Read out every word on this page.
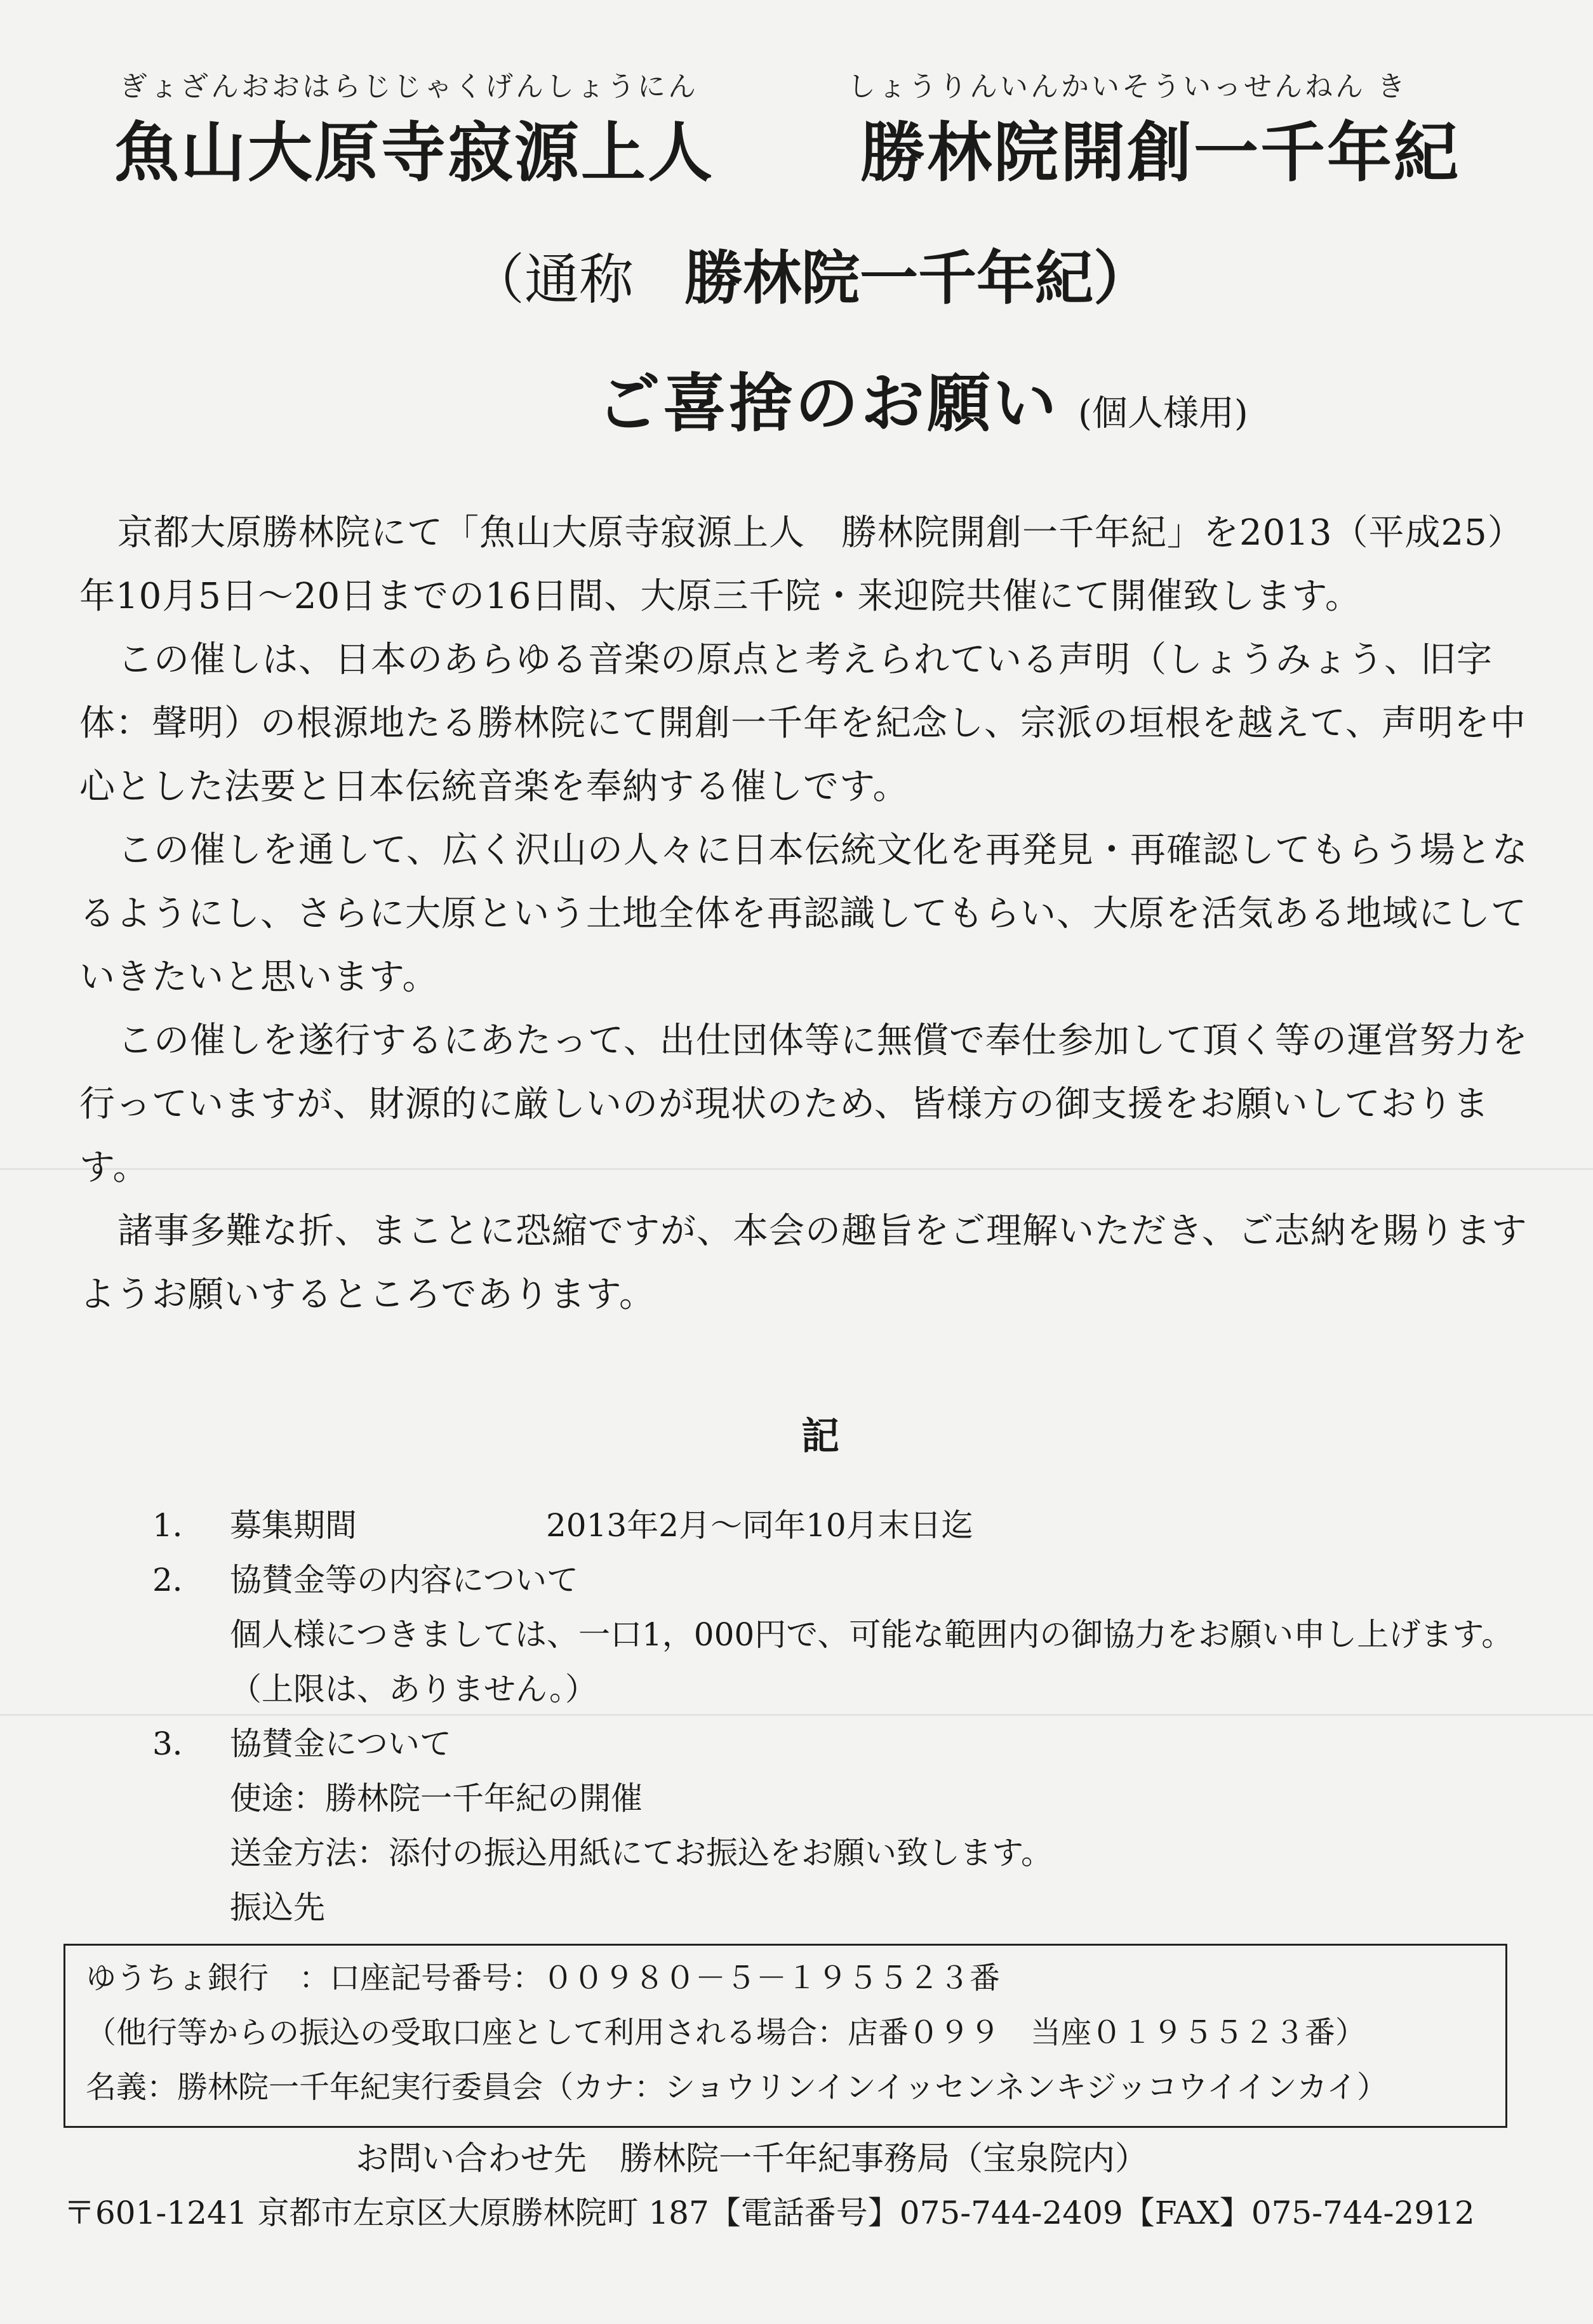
ぎょざんおおはらじじゃくげんしょうにん	しょうりんいんかいそういっせんねん き
魚山大原寺寂源上人 勝林院開創一千年紀
（通称 勝林院一千年紀）
ご喜捨のお願い (個人様用)

京都大原勝林院にて「魚山大原寺寂源上人　勝林院開創一千年紀」を2013（平成25）年10月5日～20日までの16日間、大原三千院・来迎院共催にて開催致します。

この催しは、日本のあらゆる音楽の原点と考えられている声明（しょうみょう、旧字体：聲明）の根源地たる勝林院にて開創一千年を紀念し、宗派の垣根を越えて、声明を中心とした法要と日本伝統音楽を奉納する催しです。

この催しを通して、広く沢山の人々に日本伝統文化を再発見・再確認してもらう場となるようにし、さらに大原という土地全体を再認識してもらい、大原を活気ある地域にしていきたいと思います。

この催しを遂行するにあたって、出仕団体等に無償で奉仕参加して頂く等の運営努力を行っていますが、財源的に厳しいのが現状のため、皆様方の御支援をお願いしております。

諸事多難な折、まことに恐縮ですが、本会の趣旨をご理解いただき、ご志納を賜りますようお願いするところであります。

記
1． 募集期間	2013年2月～同年10月末日迄
2． 協賛金等の内容について
個人様につきましては、一口1，000円で、可能な範囲内の御協力をお願い申し上げます。
（上限は、ありません。）
3． 協賛金について
使途：勝林院一千年紀の開催
送金方法：添付の振込用紙にてお振込をお願い致します。
振込先
ゆうちょ銀行　：口座記号番号：００９８０－５－１９５５２３番
（他行等からの振込の受取口座として利用される場合：店番０９９　当座０１９５５２３番）
名義：勝林院一千年紀実行委員会（カナ：ショウリンインイッセンネンキジッコウイインカイ）
お問い合わせ先　勝林院一千年紀事務局（宝泉院内）
〒601-1241 京都市左京区大原勝林院町 187【電話番号】075-744-2409【FAX】075-744-2912
